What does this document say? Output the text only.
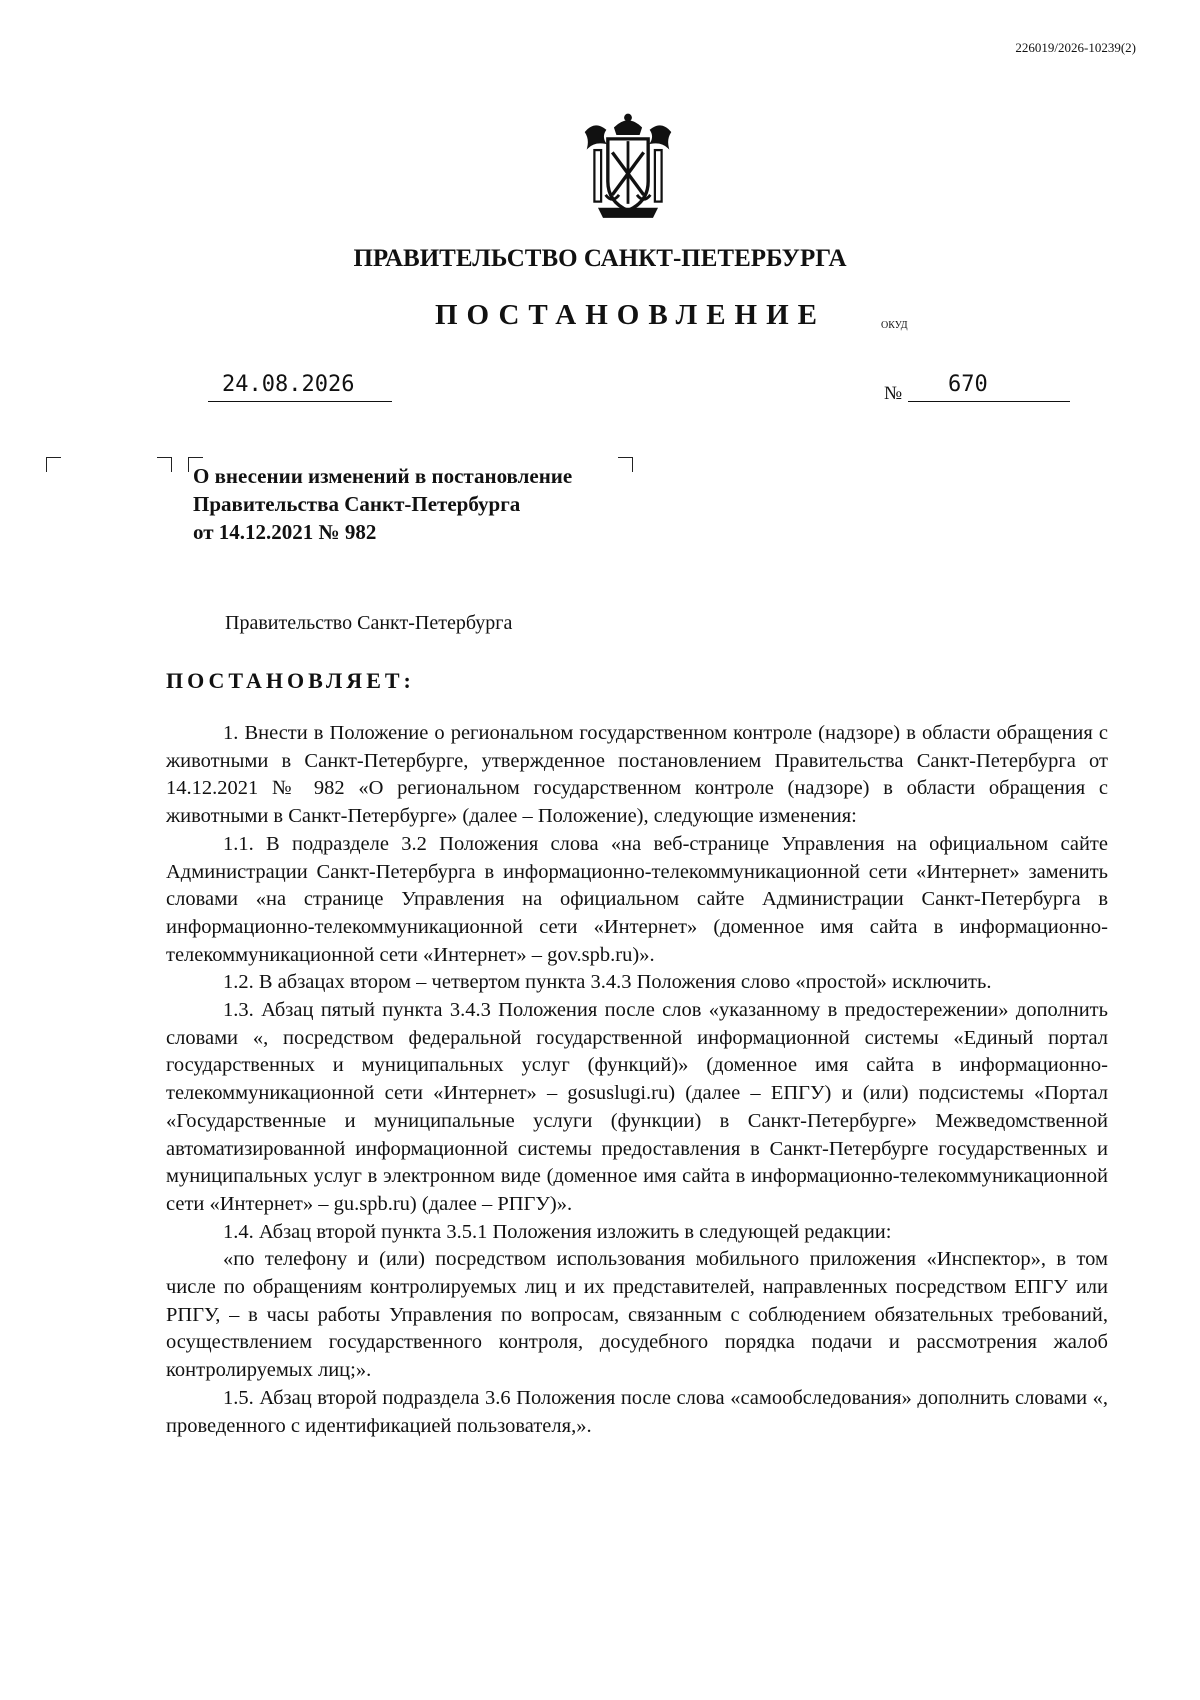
226019/2026-10239(2)
ПРАВИТЕЛЬСТВО САНКТ-ПЕТЕРБУРГА
ПОСТАНОВЛЕНИЕ	ОКУД
24.08.2026	№	670
О внесении изменений в постановление
Правительства Санкт-Петербурга
от 14.12.2021 № 982
Правительство Санкт-Петербурга
ПОСТАНОВЛЯЕТ:

1. Внести в Положение о региональном государственном контроле (надзоре) в области обращения с животными в Санкт-Петербурге, утвержденное постановлением Правительства Санкт-Петербурга от 14.12.2021 № 982 «О региональном государственном контроле (надзоре) в области обращения с животными в Санкт-Петербурге» (далее – Положение), следующие изменения:

1.1. В подразделе 3.2 Положения слова «на веб-странице Управления на официальном сайте Администрации Санкт-Петербурга в информационно-телекоммуникационной сети «Интернет» заменить словами «на странице Управления на официальном сайте Администрации Санкт-Петербурга в информационно-телекоммуникационной сети «Интернет» (доменное имя сайта в информационно-телекоммуникационной сети «Интернет» – gov.spb.ru)».

1.2. В абзацах втором – четвертом пункта 3.4.3 Положения слово «простой» исключить.

1.3. Абзац пятый пункта 3.4.3 Положения после слов «указанному в предостережении» дополнить словами «, посредством федеральной государственной информационной системы «Единый портал государственных и муниципальных услуг (функций)» (доменное имя сайта в информационно-телекоммуникационной сети «Интернет» – gosuslugi.ru) (далее – ЕПГУ) и (или) подсистемы «Портал «Государственные и муниципальные услуги (функции) в Санкт-Петербурге» Межведомственной автоматизированной информационной системы предоставления в Санкт-Петербурге государственных и муниципальных услуг в электронном виде (доменное имя сайта в информационно-телекоммуникационной сети «Интернет» – gu.spb.ru) (далее – РПГУ)».

1.4. Абзац второй пункта 3.5.1 Положения изложить в следующей редакции:

«по телефону и (или) посредством использования мобильного приложения «Инспектор», в том числе по обращениям контролируемых лиц и их представителей, направленных посредством ЕПГУ или РПГУ, – в часы работы Управления по вопросам, связанным с соблюдением обязательных требований, осуществлением государственного контроля, досудебного порядка подачи и рассмотрения жалоб контролируемых лиц;».

1.5. Абзац второй подраздела 3.6 Положения после слова «самообследования» дополнить словами «, проведенного с идентификацией пользователя,».
